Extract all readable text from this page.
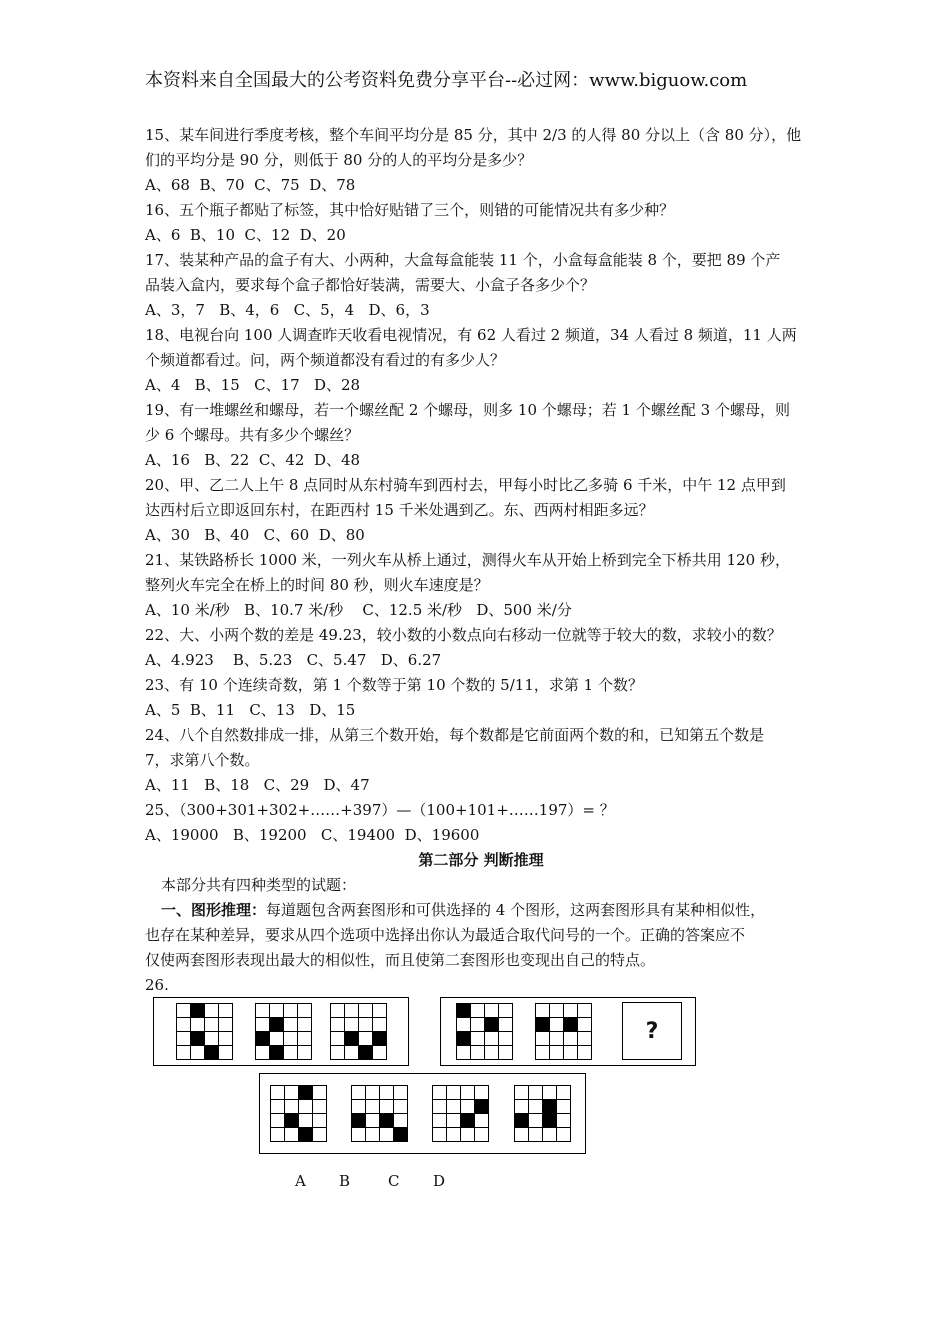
本资料来自全国最大的公考资料免费分享平台--必过网：www.biguow.com
15、某车间进行季度考核，整个车间平均分是 85 分，其中 2/3 的人得 80 分以上（含 80 分），他
们的平均分是 90 分，则低于 80 分的人的平均分是多少？
A、68  B、70  C、75  D、78
16、五个瓶子都贴了标签，其中恰好贴错了三个，则错的可能情况共有多少种？
A、6  B、10  C、12  D、20
17、装某种产品的盒子有大、小两种，大盒每盒能装 11 个，小盒每盒能装 8 个，要把 89 个产
品装入盒内，要求每个盒子都恰好装满，需要大、小盒子各多少个？
A、3，7   B、4，6   C、5，4   D、6，3
18、电视台向 100 人调查昨天收看电视情况，有 62 人看过 2 频道，34 人看过 8 频道，11 人两
个频道都看过。问，两个频道都没有看过的有多少人？
A、4   B、15   C、17   D、28
19、有一堆螺丝和螺母，若一个螺丝配 2 个螺母，则多 10 个螺母；若 1 个螺丝配 3 个螺母，则
少 6 个螺母。共有多少个螺丝？
A、16   B、22  C、42  D、48
20、甲、乙二人上午 8 点同时从东村骑车到西村去，甲每小时比乙多骑 6 千米，中午 12 点甲到
达西村后立即返回东村，在距西村 15 千米处遇到乙。东、西两村相距多远？
A、30   B、40   C、60  D、80
21、某铁路桥长 1000 米，一列火车从桥上通过，测得火车从开始上桥到完全下桥共用 120 秒，
整列火车完全在桥上的时间 80 秒，则火车速度是？
A、10 米/秒   B、10.7 米/秒    C、12.5 米/秒   D、500 米/分
22、大、小两个数的差是 49.23，较小数的小数点向右移动一位就等于较大的数，求较小的数？
A、4.923    B、5.23   C、5.47   D、6.27
23、有 10 个连续奇数，第 1 个数等于第 10 个数的 5/11，求第 1 个数？
A、5  B、11   C、13   D、15
24、八个自然数排成一排，从第三个数开始，每个数都是它前面两个数的和，已知第五个数是
7，求第八个数。
A、11   B、18   C、29   D、47
25、（300+301+302+……+397）—（100+101+……197）= ？
A、19000   B、19200   C、19400  D、19600
第二部分 判断推理
本部分共有四种类型的试题：
一、图形推理：每道题包含两套图形和可供选择的 4 个图形，这两套图形具有某种相似性，
也存在某种差异，要求从四个选项中选择出你认为最适合取代问号的一个。正确的答案应不
仅使两套图形表现出最大的相似性，而且使第二套图形也变现出自己的特点。
26.
?
A B	C D
